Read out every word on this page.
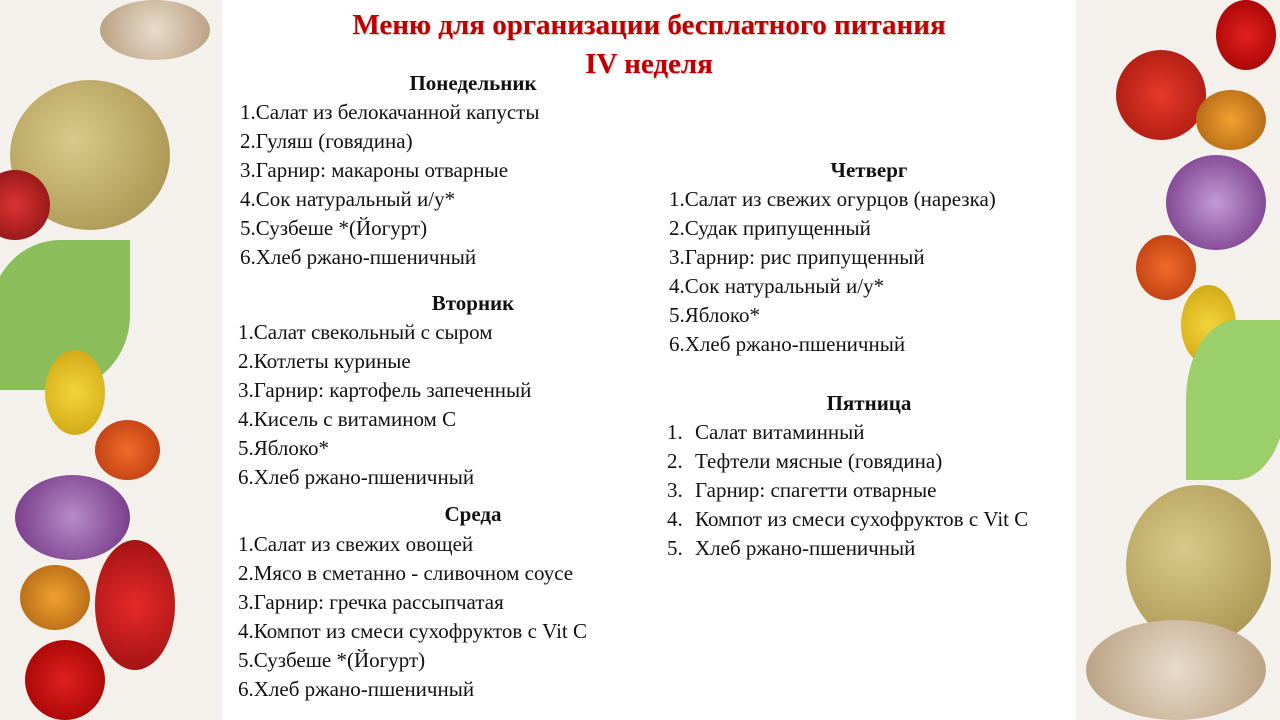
Меню для организации бесплатного питания
IV неделя
Понедельник
1.Салат из белокачанной капусты
2.Гуляш (говядина)
3.Гарнир: макароны отварные
4.Сок натуральный и/у*
5.Сузбеше *(Йогурт)
6.Хлеб ржано-пшеничный
Вторник
1.Салат свекольный с сыром
2.Котлеты куриные
3.Гарнир: картофель запеченный
4.Кисель с витамином С
5.Яблоко*
6.Хлеб ржано-пшеничный
Среда
1.Салат из свежих овощей
2.Мясо в сметанно - сливочном соусе
3.Гарнир: гречка рассыпчатая
4.Компот из смеси сухофруктов с Vit C
5.Сузбеше *(Йогурт)
6.Хлеб ржано-пшеничный
Четверг
1.Салат из свежих огурцов (нарезка)
2.Судак припущенный
3.Гарнир: рис припущенный
4.Сок натуральный и/у*
5.Яблоко*
6.Хлеб ржано-пшеничный
Пятница
1. Салат витаминный
2. Тефтели мясные (говядина)
3. Гарнир: спагетти отварные
4. Компот из смеси сухофруктов с Vit C
5. Хлеб ржано-пшеничный
